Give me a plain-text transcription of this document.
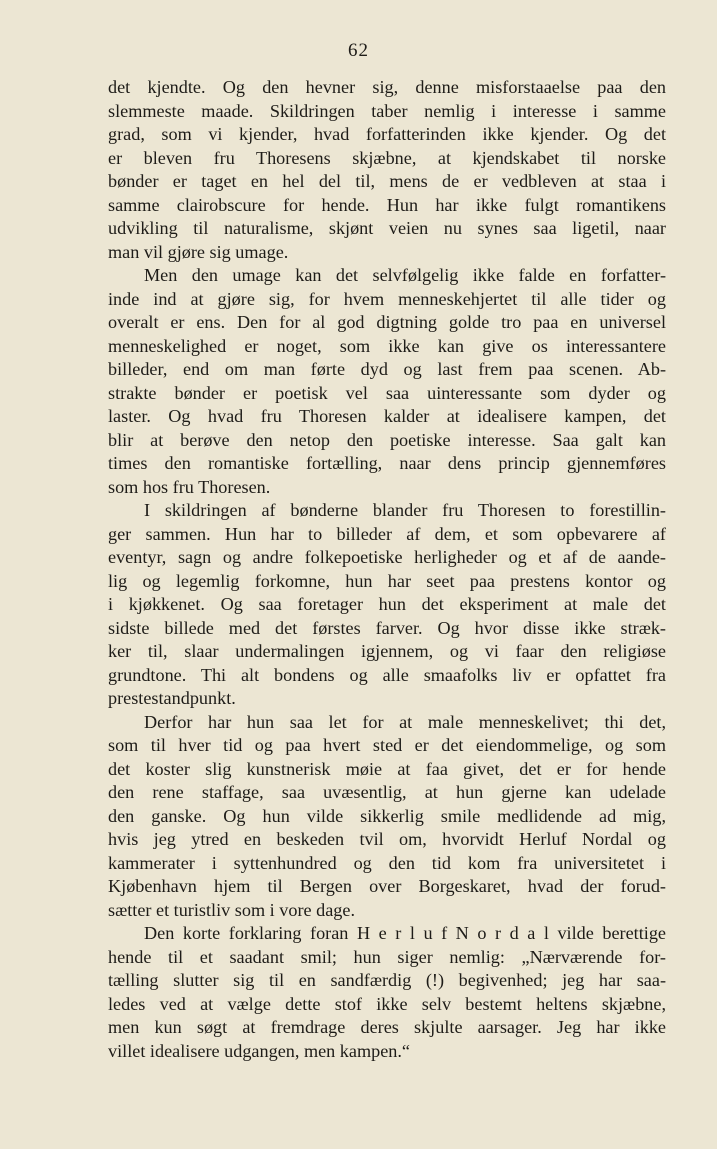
62

det kjendte. Og den hevner sig, denne misforstaaelse paa den

slemmeste maade. Skildringen taber nemlig i interesse i samme

grad, som vi kjender, hvad forfatterinden ikke kjender. Og det

er bleven fru Thoresens skjæbne, at kjendskabet til norske

bønder er taget en hel del til, mens de er vedbleven at staa i

samme clairobscure for hende. Hun har ikke fulgt romantikens

udvikling til naturalisme, skjønt veien nu synes saa ligetil, naar

man vil gjøre sig umage.

Men den umage kan det selvfølgelig ikke falde en forfatter-

inde ind at gjøre sig, for hvem menneskehjertet til alle tider og

overalt er ens. Den for al god digtning golde tro paa en universel

menneskelighed er noget, som ikke kan give os interessantere

billeder, end om man førte dyd og last frem paa scenen. Ab-

strakte bønder er poetisk vel saa uinteressante som dyder og

laster. Og hvad fru Thoresen kalder at idealisere kampen, det

blir at berøve den netop den poetiske interesse. Saa galt kan

times den romantiske fortælling, naar dens princip gjennemføres

som hos fru Thoresen.

I skildringen af bønderne blander fru Thoresen to forestillin-

ger sammen. Hun har to billeder af dem, et som opbevarere af

eventyr, sagn og andre folkepoetiske herligheder og et af de aande-

lig og legemlig forkomne, hun har seet paa prestens kontor og

i kjøkkenet. Og saa foretager hun det eksperiment at male det

sidste billede med det førstes farver. Og hvor disse ikke stræk-

ker til, slaar undermalingen igjennem, og vi faar den religiøse

grundtone. Thi alt bondens og alle smaafolks liv er opfattet fra

prestestandpunkt.

Derfor har hun saa let for at male menneskelivet; thi det,

som til hver tid og paa hvert sted er det eiendommelige, og som

det koster slig kunstnerisk møie at faa givet, det er for hende

den rene staffage, saa uvæsentlig, at hun gjerne kan udelade

den ganske. Og hun vilde sikkerlig smile medlidende ad mig,

hvis jeg ytred en beskeden tvil om, hvorvidt Herluf Nordal og

kammerater i syttenhundred og den tid kom fra universitetet i

Kjøbenhavn hjem til Bergen over Borgeskaret, hvad der forud-

sætter et turistliv som i vore dage.

Den korte forklaring foran H e r l u f N o r d a l vilde berettige

hende til et saadant smil; hun siger nemlig: „Nærværende for-

tælling slutter sig til en sandfærdig (!) begivenhed; jeg har saa-

ledes ved at vælge dette stof ikke selv bestemt heltens skjæbne,

men kun søgt at fremdrage deres skjulte aarsager. Jeg har ikke

villet idealisere udgangen, men kampen.“
